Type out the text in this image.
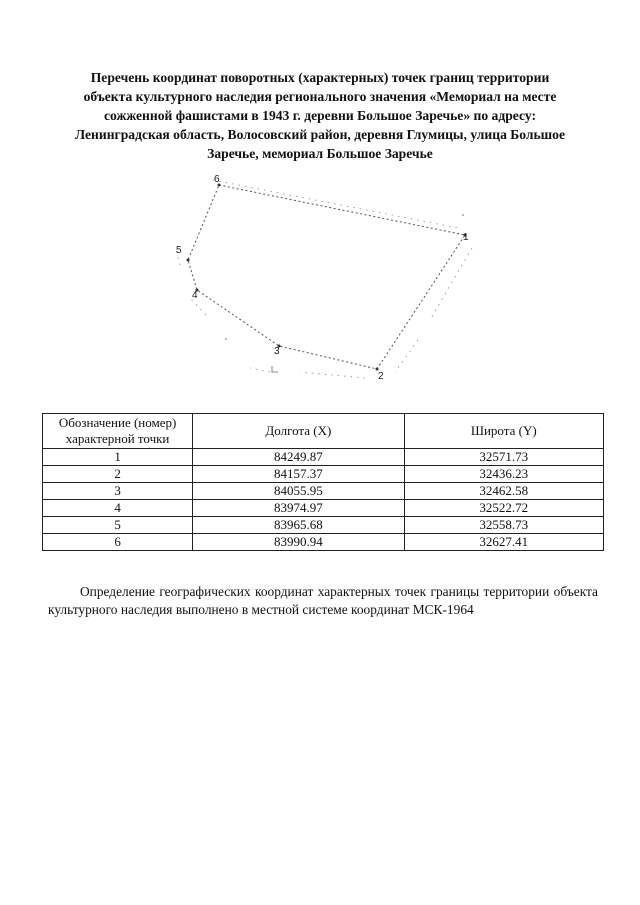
Перечень координат поворотных (характерных) точек границ территории
объекта культурного наследия регионального значения «Мемориал на месте
сожженной фашистами в 1943 г. деревни Большое Заречье» по адресу:
Ленинградская область, Волосовский район, деревня Глумицы, улица Большое
Заречье, мемориал Большое Заречье
1
2
3
4
5
6
Обозначение (номер) характерной точки	Долгота (X)	Широта (Y)
1	84249.87	32571.73
2	84157.37	32436.23
3	84055.95	32462.58
4	83974.97	32522.72
5	83965.68	32558.73
6	83990.94	32627.41

Определение географических координат характерных точек границы территории объекта культурного наследия выполнено в местной системе координат МСК-1964
